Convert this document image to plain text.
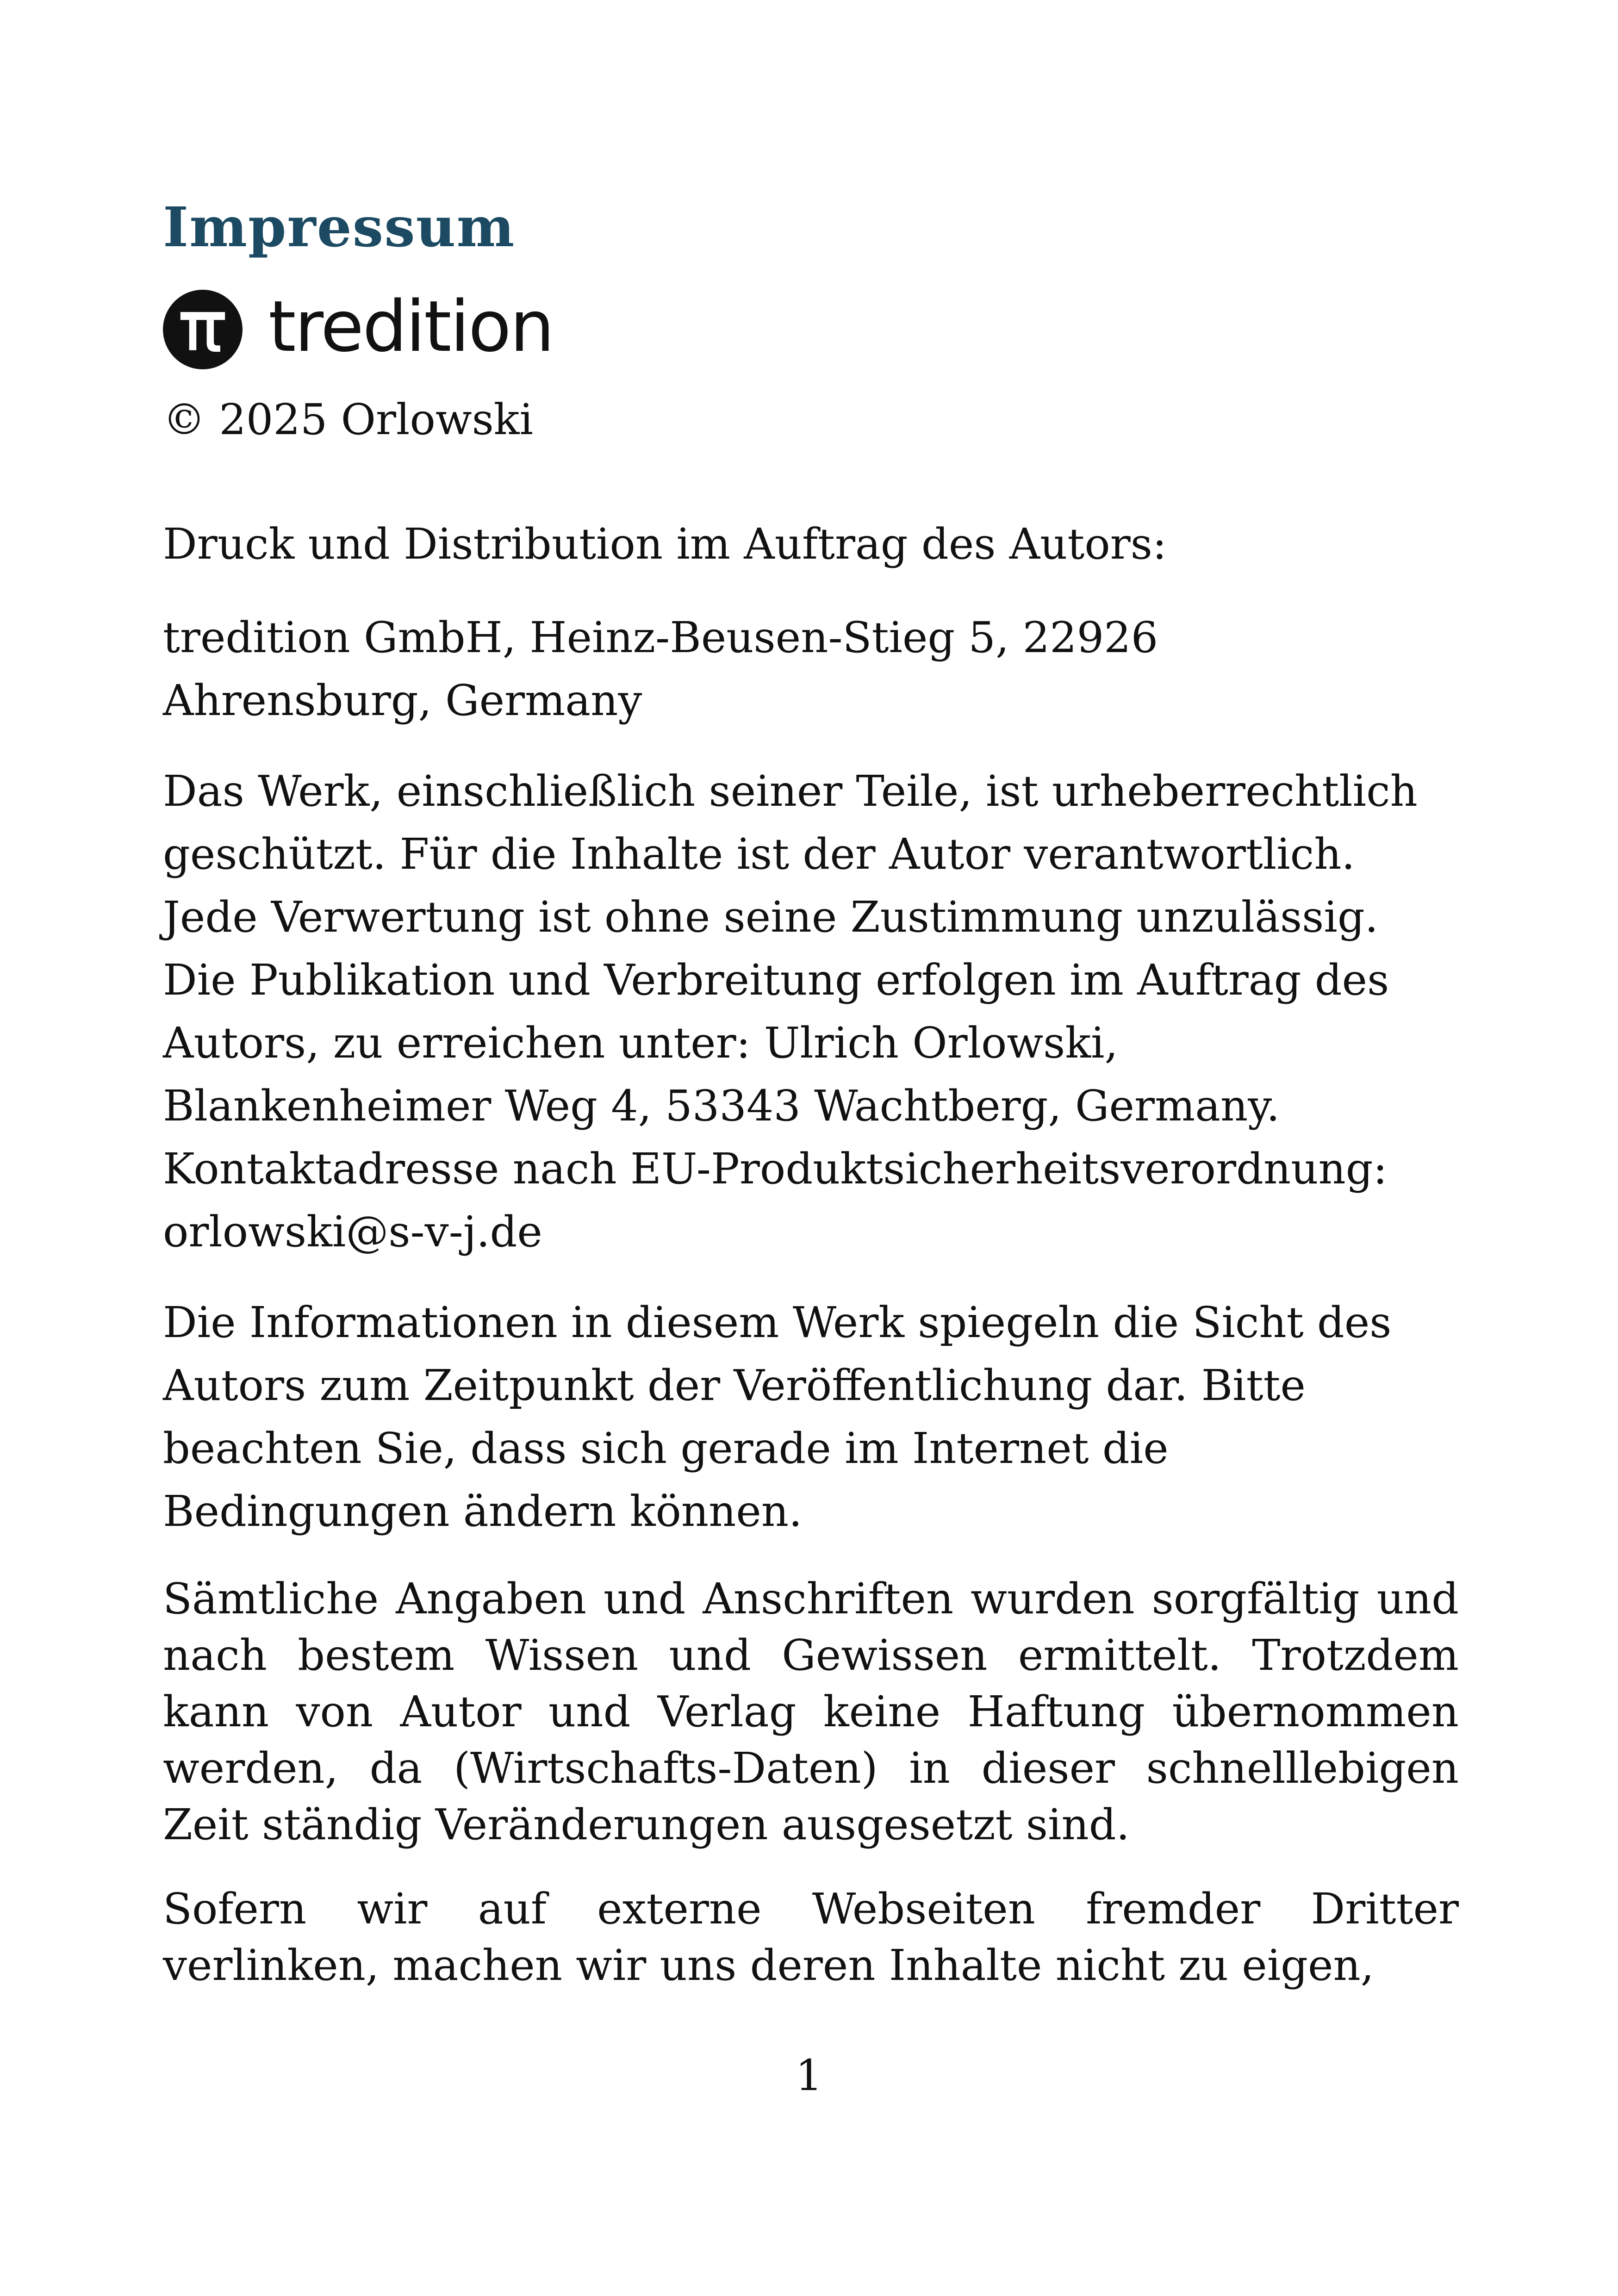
Impressum
tredition
© 2025 Orlowski

Druck und Distribution im Auftrag des Autors:

tredition GmbH, Heinz-Beusen-Stieg 5, 22926
Ahrensburg, Germany

Das Werk, einschließlich seiner Teile, ist urheberrechtlich
geschützt. Für die Inhalte ist der Autor verantwortlich.
Jede Verwertung ist ohne seine Zustimmung unzulässig.
Die Publikation und Verbreitung erfolgen im Auftrag des
Autors, zu erreichen unter: Ulrich Orlowski,
Blankenheimer Weg 4, 53343 Wachtberg, Germany.
Kontaktadresse nach EU-Produktsicherheitsverordnung:
orlowski@s-v-j.de

Die Informationen in diesem Werk spiegeln die Sicht des
Autors zum Zeitpunkt der Veröffentlichung dar. Bitte
beachten Sie, dass sich gerade im Internet die
Bedingungen ändern können.

Sämtliche Angaben und Anschriften wurden sorgfältig und nach bestem Wissen und Gewissen ermittelt. Trotzdem kann von Autor und Verlag keine Haftung übernommen werden, da (Wirtschafts-Daten) in dieser schnelllebigen Zeit ständig Veränderungen ausgesetzt sind.

Sofern wir auf externe Webseiten fremder Dritter verlinken, machen wir uns deren Inhalte nicht zu eigen,

1
